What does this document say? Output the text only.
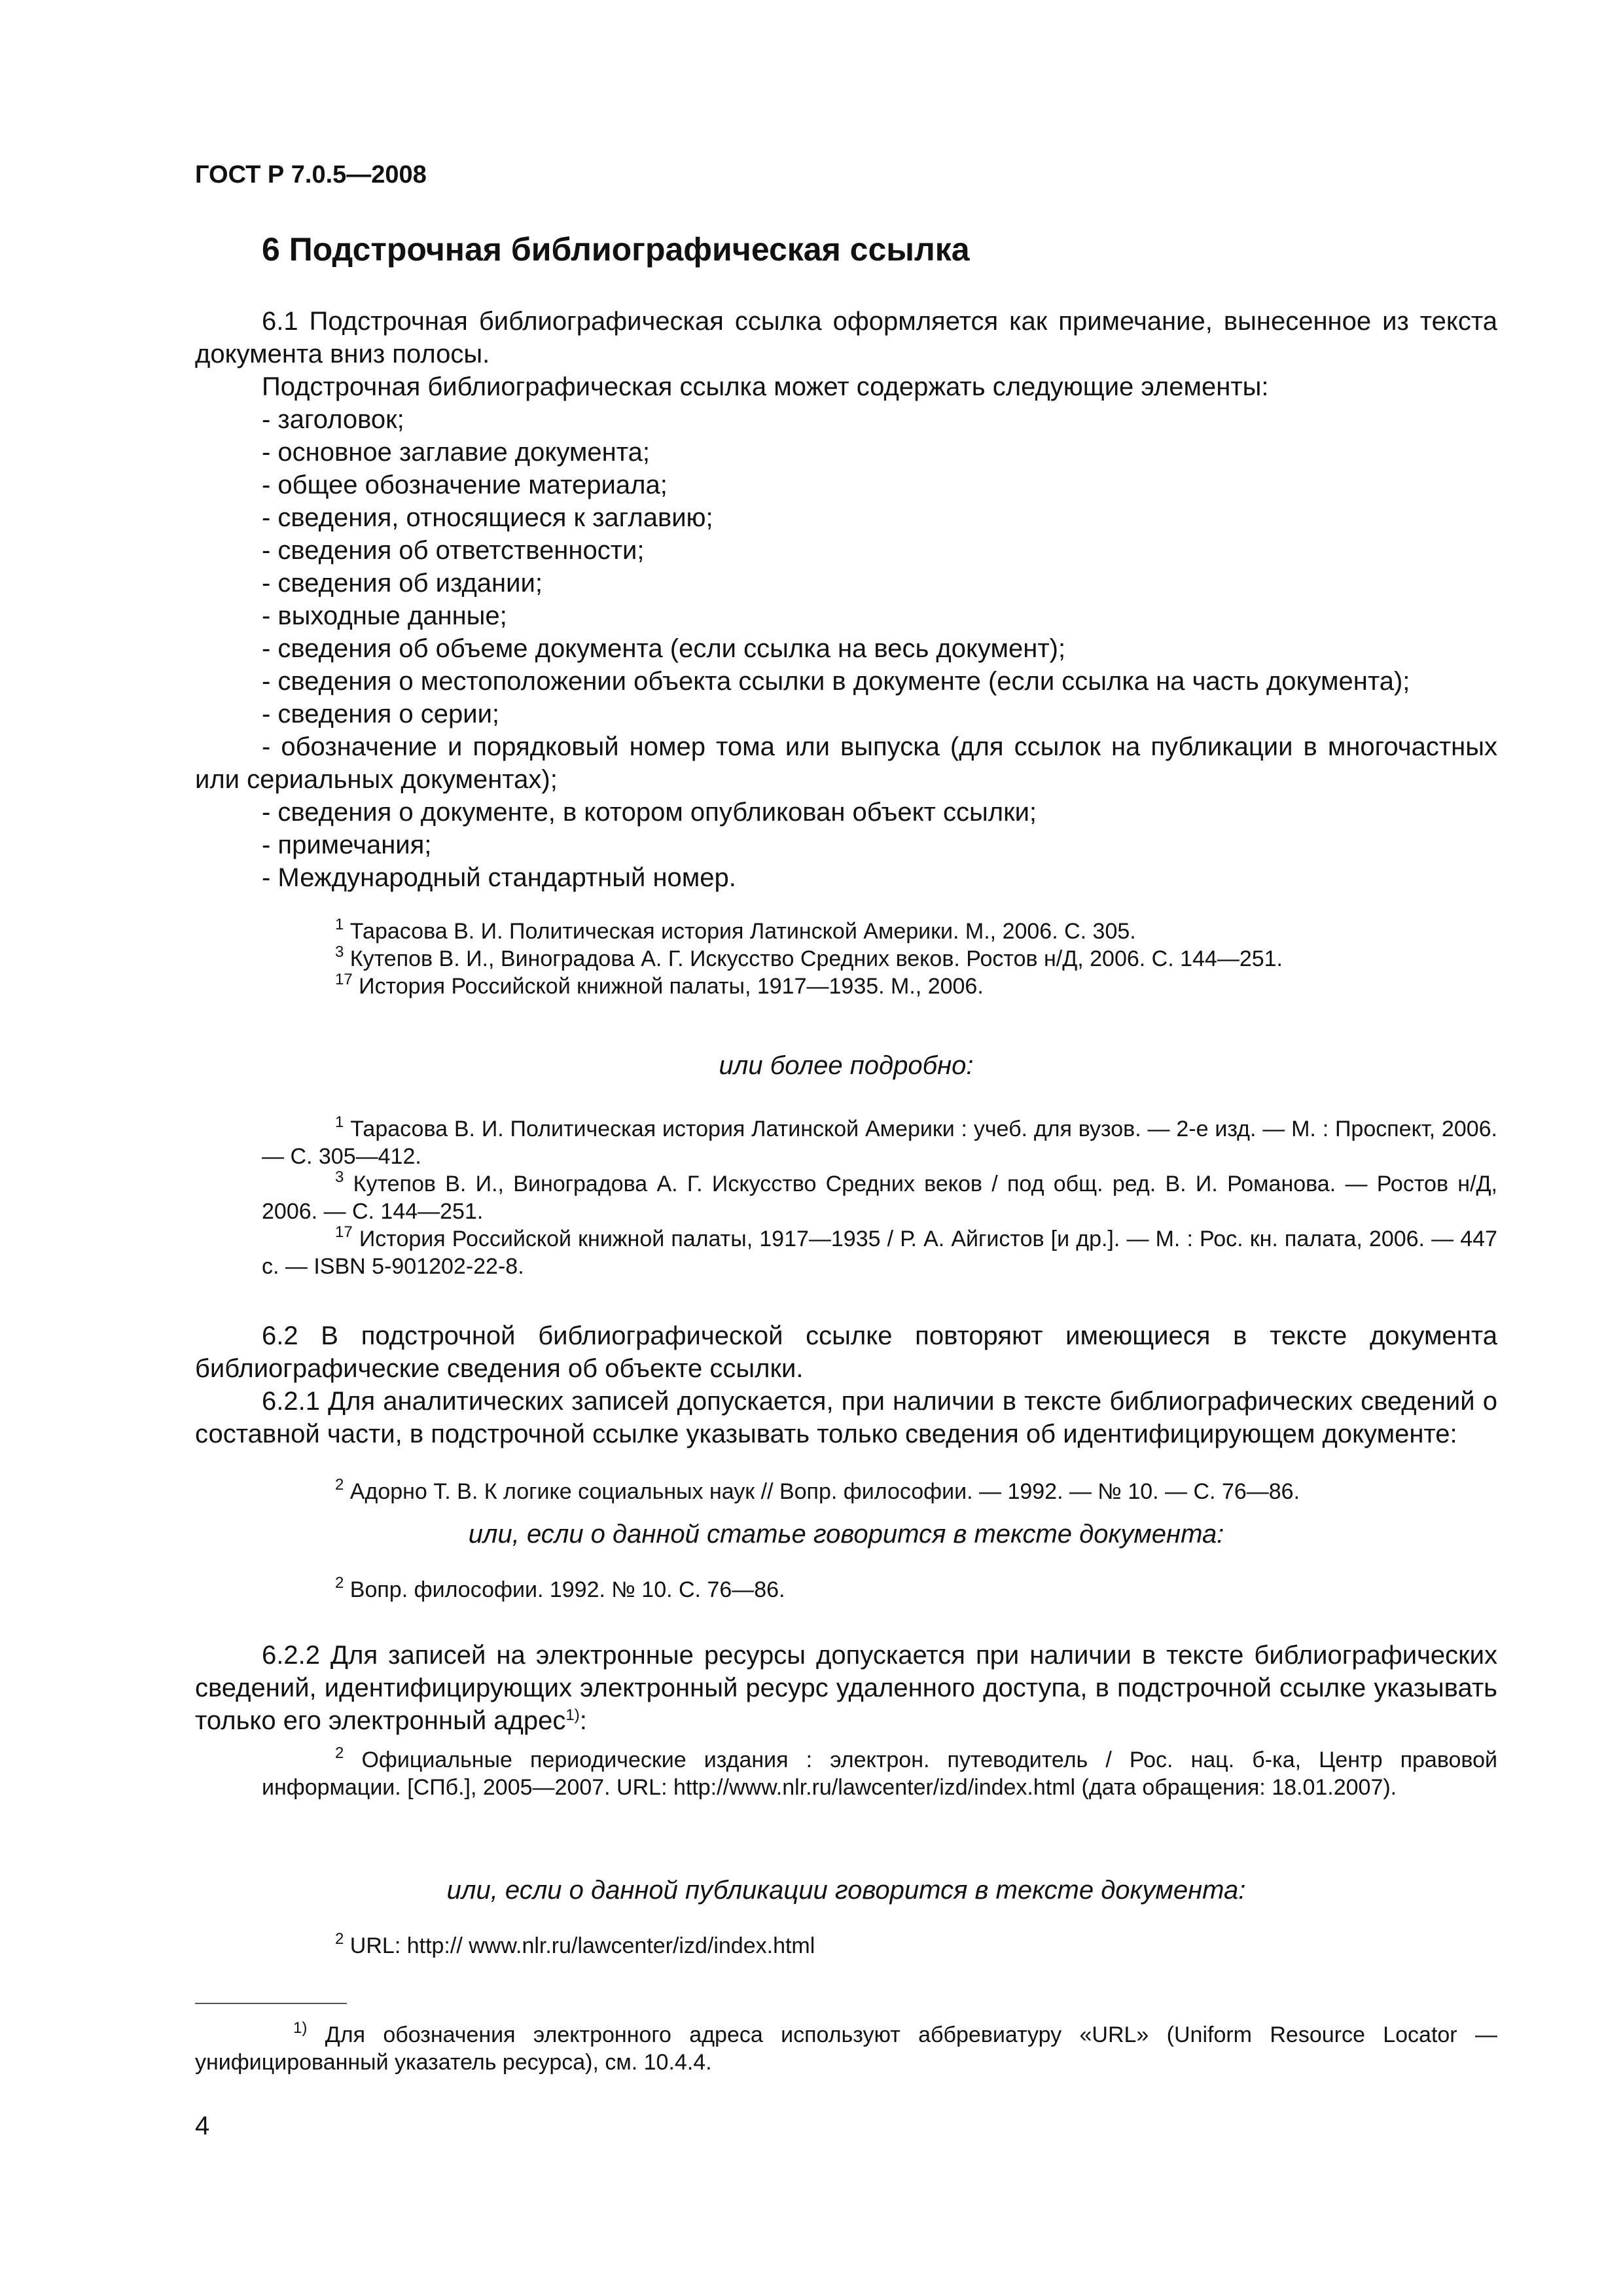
ГОСТ Р 7.0.5—2008
6 Подстрочная библиографическая ссылка

6.1 Подстрочная библиографическая ссылка оформляется как примечание, вынесенное из текста документа вниз полосы.

Подстрочная библиографическая ссылка может содержать следующие элементы:

- заголовок;

- основное заглавие документа;

- общее обозначение материала;

- сведения, относящиеся к заглавию;

- сведения об ответственности;

- сведения об издании;

- выходные данные;

- сведения об объеме документа (если ссылка на весь документ);

- сведения о местоположении объекта ссылки в документе (если ссылка на часть документа);

- сведения о серии;

- обозначение и порядковый номер тома или выпуска (для ссылок на публикации в многочастных или сериальных документах);

- сведения о документе, в котором опубликован объект ссылки;

- примечания;

- Международный стандартный номер.

$^1$ Тарасова В. И. Политическая история Латинской Америки. М., 2006. С. 305.

$^3$ Кутепов В. И., Виноградова А. Г. Искусство Средних веков. Ростов н/Д, 2006. С. 144—251.

$^{17}$ История Российской книжной палаты, 1917—1935. М., 2006.

или более подробно:

$^1$ Тарасова В. И. Политическая история Латинской Америки : учеб. для вузов. — 2-е изд. — М. : Проспект, 2006. — С. 305—412.

$^3$ Кутепов В. И., Виноградова А. Г. Искусство Средних веков / под общ. ред. В. И. Романова. — Ростов н/Д, 2006. — С. 144—251.

$^{17}$ История Российской книжной палаты, 1917—1935 / Р. А. Айгистов [и др.]. — М. : Рос. кн. палата, 2006. — 447 с. — ISBN 5-901202-22-8.

6.2 В подстрочной библиографической ссылке повторяют имеющиеся в тексте документа библиографические сведения об объекте ссылки.

6.2.1 Для аналитических записей допускается, при наличии в тексте библиографических сведений о составной части, в подстрочной ссылке указывать только сведения об идентифицирующем документе:

$^2$ Адорно Т. В. К логике социальных наук // Вопр. философии. — 1992. — № 10. — С. 76—86.

или, если о данной статье говорится в тексте документа:

$^2$ Вопр. философии. 1992. № 10. С. 76—86.

6.2.2 Для записей на электронные ресурсы допускается при наличии в тексте библиографических сведений, идентифицирующих электронный ресурс удаленного доступа, в подстрочной ссылке указывать только его электронный адрес$^{1)}$:

$^2$ Официальные периодические издания : электрон. путеводитель / Рос. нац. б-ка, Центр правовой информации. [СПб.], 2005—2007. URL: http://www.nlr.ru/lawcenter/izd/index.html (дата обращения: 18.01.2007).

или, если о данной публикации говорится в тексте документа:

$^2$ URL: http:// www.nlr.ru/lawcenter/izd/index.html

$^{1)}$ Для обозначения электронного адреса используют аббревиатуру «URL» (Uniform Resource Locator — унифицированный указатель ресурса), см. 10.4.4.

4
